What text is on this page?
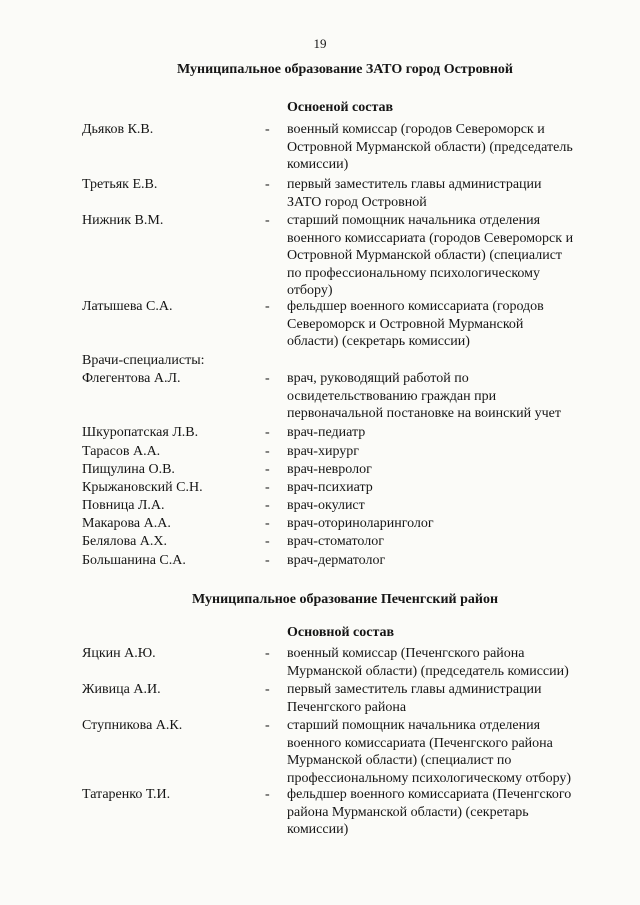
19
Муниципальное образование ЗАТО город Островной
Осноеной состав
Дьяков К.В.	- военный комиссар (городов Североморск и
Островной Мурманской области) (председатель
комиссии)
Третьяк Е.В.	- первый заместитель главы администрации
ЗАТО город Островной
Нижник В.М.	- старший помощник начальника отделения
военного комиссариата (городов Североморск и
Островной Мурманской области) (специалист
по профессиональному психологическому
отбору)
Латышева С.А.	- фельдшер военного комиссариата (городов
Североморск и Островной Мурманской
области) (секретарь комиссии)
Врачи-специалисты:
Флегентова А.Л.	- врач, руководящий работой по
освидетельствованию граждан при
первоначальной постановке на воинский учет
Шкуропатская Л.В.	- врач-педиатр
Тарасов А.А.	- врач-хирург
Пищулина О.В.	- врач-невролог
Крыжановский С.Н.	- врач-психиатр
Повница Л.А.	- врач-окулист
Макарова А.А.	- врач-оториноларинголог
Белялова А.Х.	- врач-стоматолог
Большанина С.А.	- врач-дерматолог
Муниципальное образование Печенгский район
Основной состав
Яцкин А.Ю.	- военный комиссар (Печенгского района
Мурманской области) (председатель комиссии)
Живица А.И.	- первый заместитель главы администрации
Печенгского района
Ступникова А.К.	- старший помощник начальника отделения
военного комиссариата (Печенгского района
Мурманской области) (специалист по
профессиональному психологическому отбору)
Татаренко Т.И.	- фельдшер военного комиссариата (Печенгского
района Мурманской области) (секретарь
комиссии)
